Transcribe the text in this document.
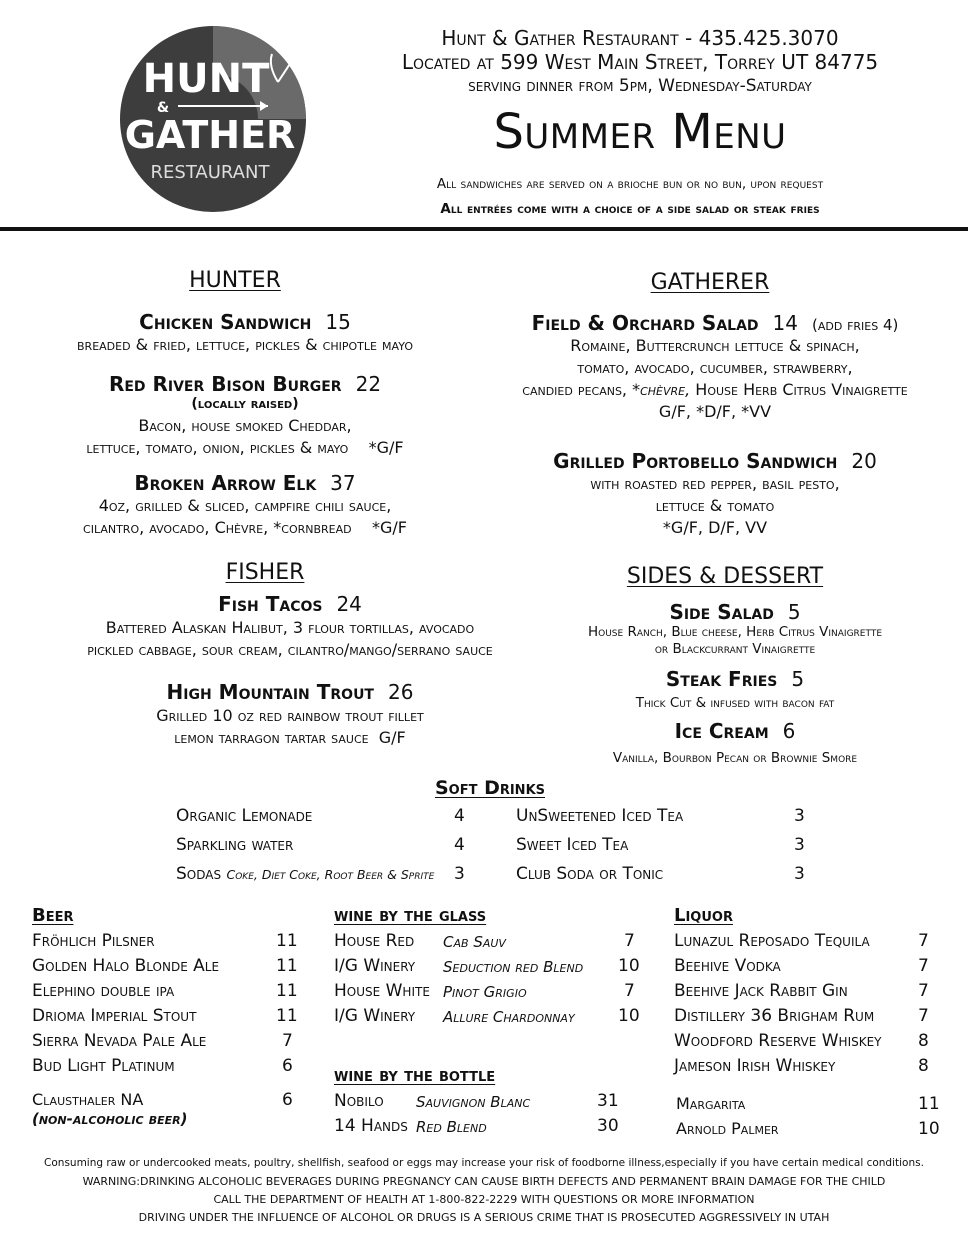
HUNT
&
GATHER
RESTAURANT
Hunt & Gather Restaurant - 435.425.3070
Located at 599 West Main Street, Torrey UT 84775
serving dinner from 5pm, Wednesday-Saturday
Summer Menu
All sandwiches are served on a brioche bun or no bun, upon request
All entrées come with a choice of a side salad or steak fries
HUNTER
Chicken Sandwich 15
breaded & fried, lettuce, pickles & chipotle mayo
Red River Bison Burger 22
(locally raised)
Bacon, house smoked Cheddar,
lettuce, tomato, onion, pickles & mayo    *G/F
Broken Arrow Elk 37
4oz, grilled & sliced, campfire chili sauce,
cilantro, avocado, Chèvre, *cornbread    *G/F
GATHERER
Field & Orchard Salad 14 (add fries 4)
Romaine, Buttercrunch lettuce & spinach,
tomato, avocado, cucumber, strawberry,
candied pecans, *chèvre, House Herb Citrus Vinaigrette
G/F, *D/F, *VV
Grilled Portobello Sandwich 20
with roasted red pepper, basil pesto,
lettuce & tomato
*G/F, D/F, VV
FISHER
Fish Tacos 24
Battered Alaskan Halibut, 3 flour tortillas, avocado
pickled cabbage, sour cream, cilantro/mango/serrano sauce
High Mountain Trout 26
Grilled 10 oz red rainbow trout fillet
lemon tarragon tartar sauce  G/F
SIDES & DESSERT
Side Salad 5
House Ranch, Blue cheese, Herb Citrus Vinaigrette
or Blackcurrant Vinaigrette
Steak Fries 5
Thick Cut & infused with bacon fat
Ice Cream 6
Vanilla, Bourbon Pecan or Brownie Smore
Soft Drinks
Organic Lemonade	4
Sparkling water	4
Sodas Coke, Diet Coke, Root Beer & Sprite 3
UnSweetened Iced Tea	3
Sweet Iced Tea	3
Club Soda or Tonic	3
Beer
Fröhlich Pilsner	11
Golden Halo Blonde Ale	11
Elephino double ipa	11
Drioma Imperial Stout	11
Sierra Nevada Pale Ale	7
Bud Light Platinum	6
Clausthaler NA	6
(non-alcoholic beer)
wine by the glass
House Red Cab Sauv	7
I/G Winery Seduction red Blend 10
House White Pinot Grigio	7
I/G Winery Allure Chardonnay	10
wine by the bottle
Nobilo Sauvignon Blanc	31
14 Hands Red Blend	30
Liquor
Lunazul Reposado Tequila	7
Beehive Vodka	7
Beehive Jack Rabbit Gin	7
Distillery 36 Brigham Rum	7
Woodford Reserve Whiskey 8
Jameson Irish Whiskey	8
Margarita	11
Arnold Palmer	10
Consuming raw or undercooked meats, poultry, shellfish, seafood or eggs may increase your risk of foodborne illness,especially if you have certain medical conditions.
WARNING:DRINKING ALCOHOLIC BEVERAGES DURING PREGNANCY CAN CAUSE BIRTH DEFECTS AND PERMANENT BRAIN DAMAGE FOR THE CHILD
CALL THE DEPARTMENT OF HEALTH AT 1-800-822-2229 WITH QUESTIONS OR MORE INFORMATION
DRIVING UNDER THE INFLUENCE OF ALCOHOL OR DRUGS IS A SERIOUS CRIME THAT IS PROSECUTED AGGRESSIVELY IN UTAH
